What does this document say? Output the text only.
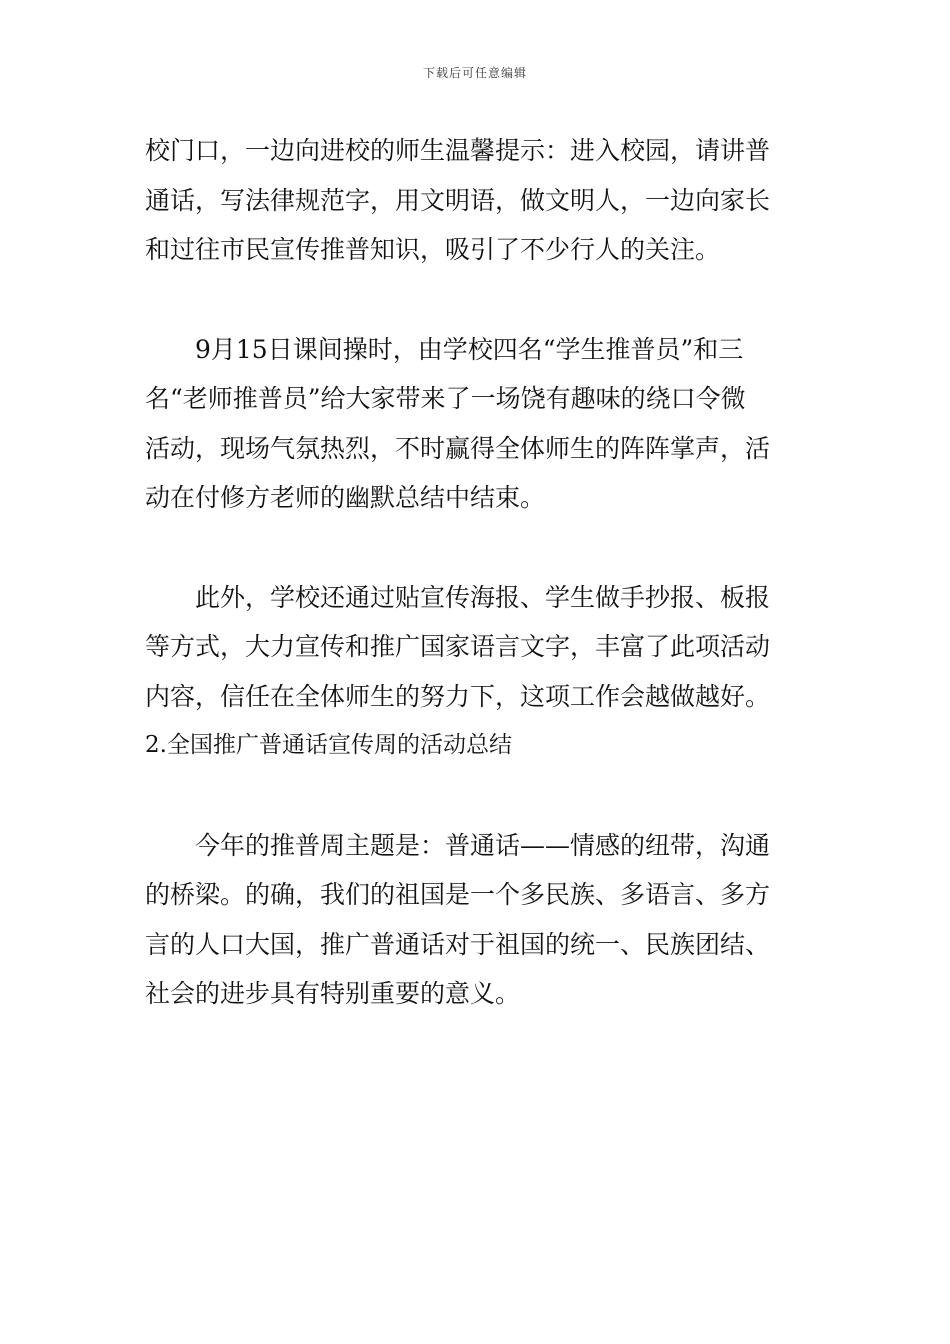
下载后可任意编辑
校门口，一边向进校的师生温馨提示：进入校园，请讲普
通话，写法律规范字，用文明语，做文明人，一边向家长
和过往市民宣传推普知识，吸引了不少行人的关注。
9月15日课间操时，由学校四名“学生推普员”和三
名“老师推普员”给大家带来了一场饶有趣味的绕口令微
活动，现场气氛热烈，不时赢得全体师生的阵阵掌声，活
动在付修方老师的幽默总结中结束。
此外，学校还通过贴宣传海报、学生做手抄报、板报
等方式，大力宣传和推广国家语言文字，丰富了此项活动
内容，信任在全体师生的努力下，这项工作会越做越好。
2.全国推广普通话宣传周的活动总结
今年的推普周主题是：普通话——情感的纽带，沟通
的桥梁。的确，我们的祖国是一个多民族、多语言、多方
言的人口大国，推广普通话对于祖国的统一、民族团结、
社会的进步具有特别重要的意义。
